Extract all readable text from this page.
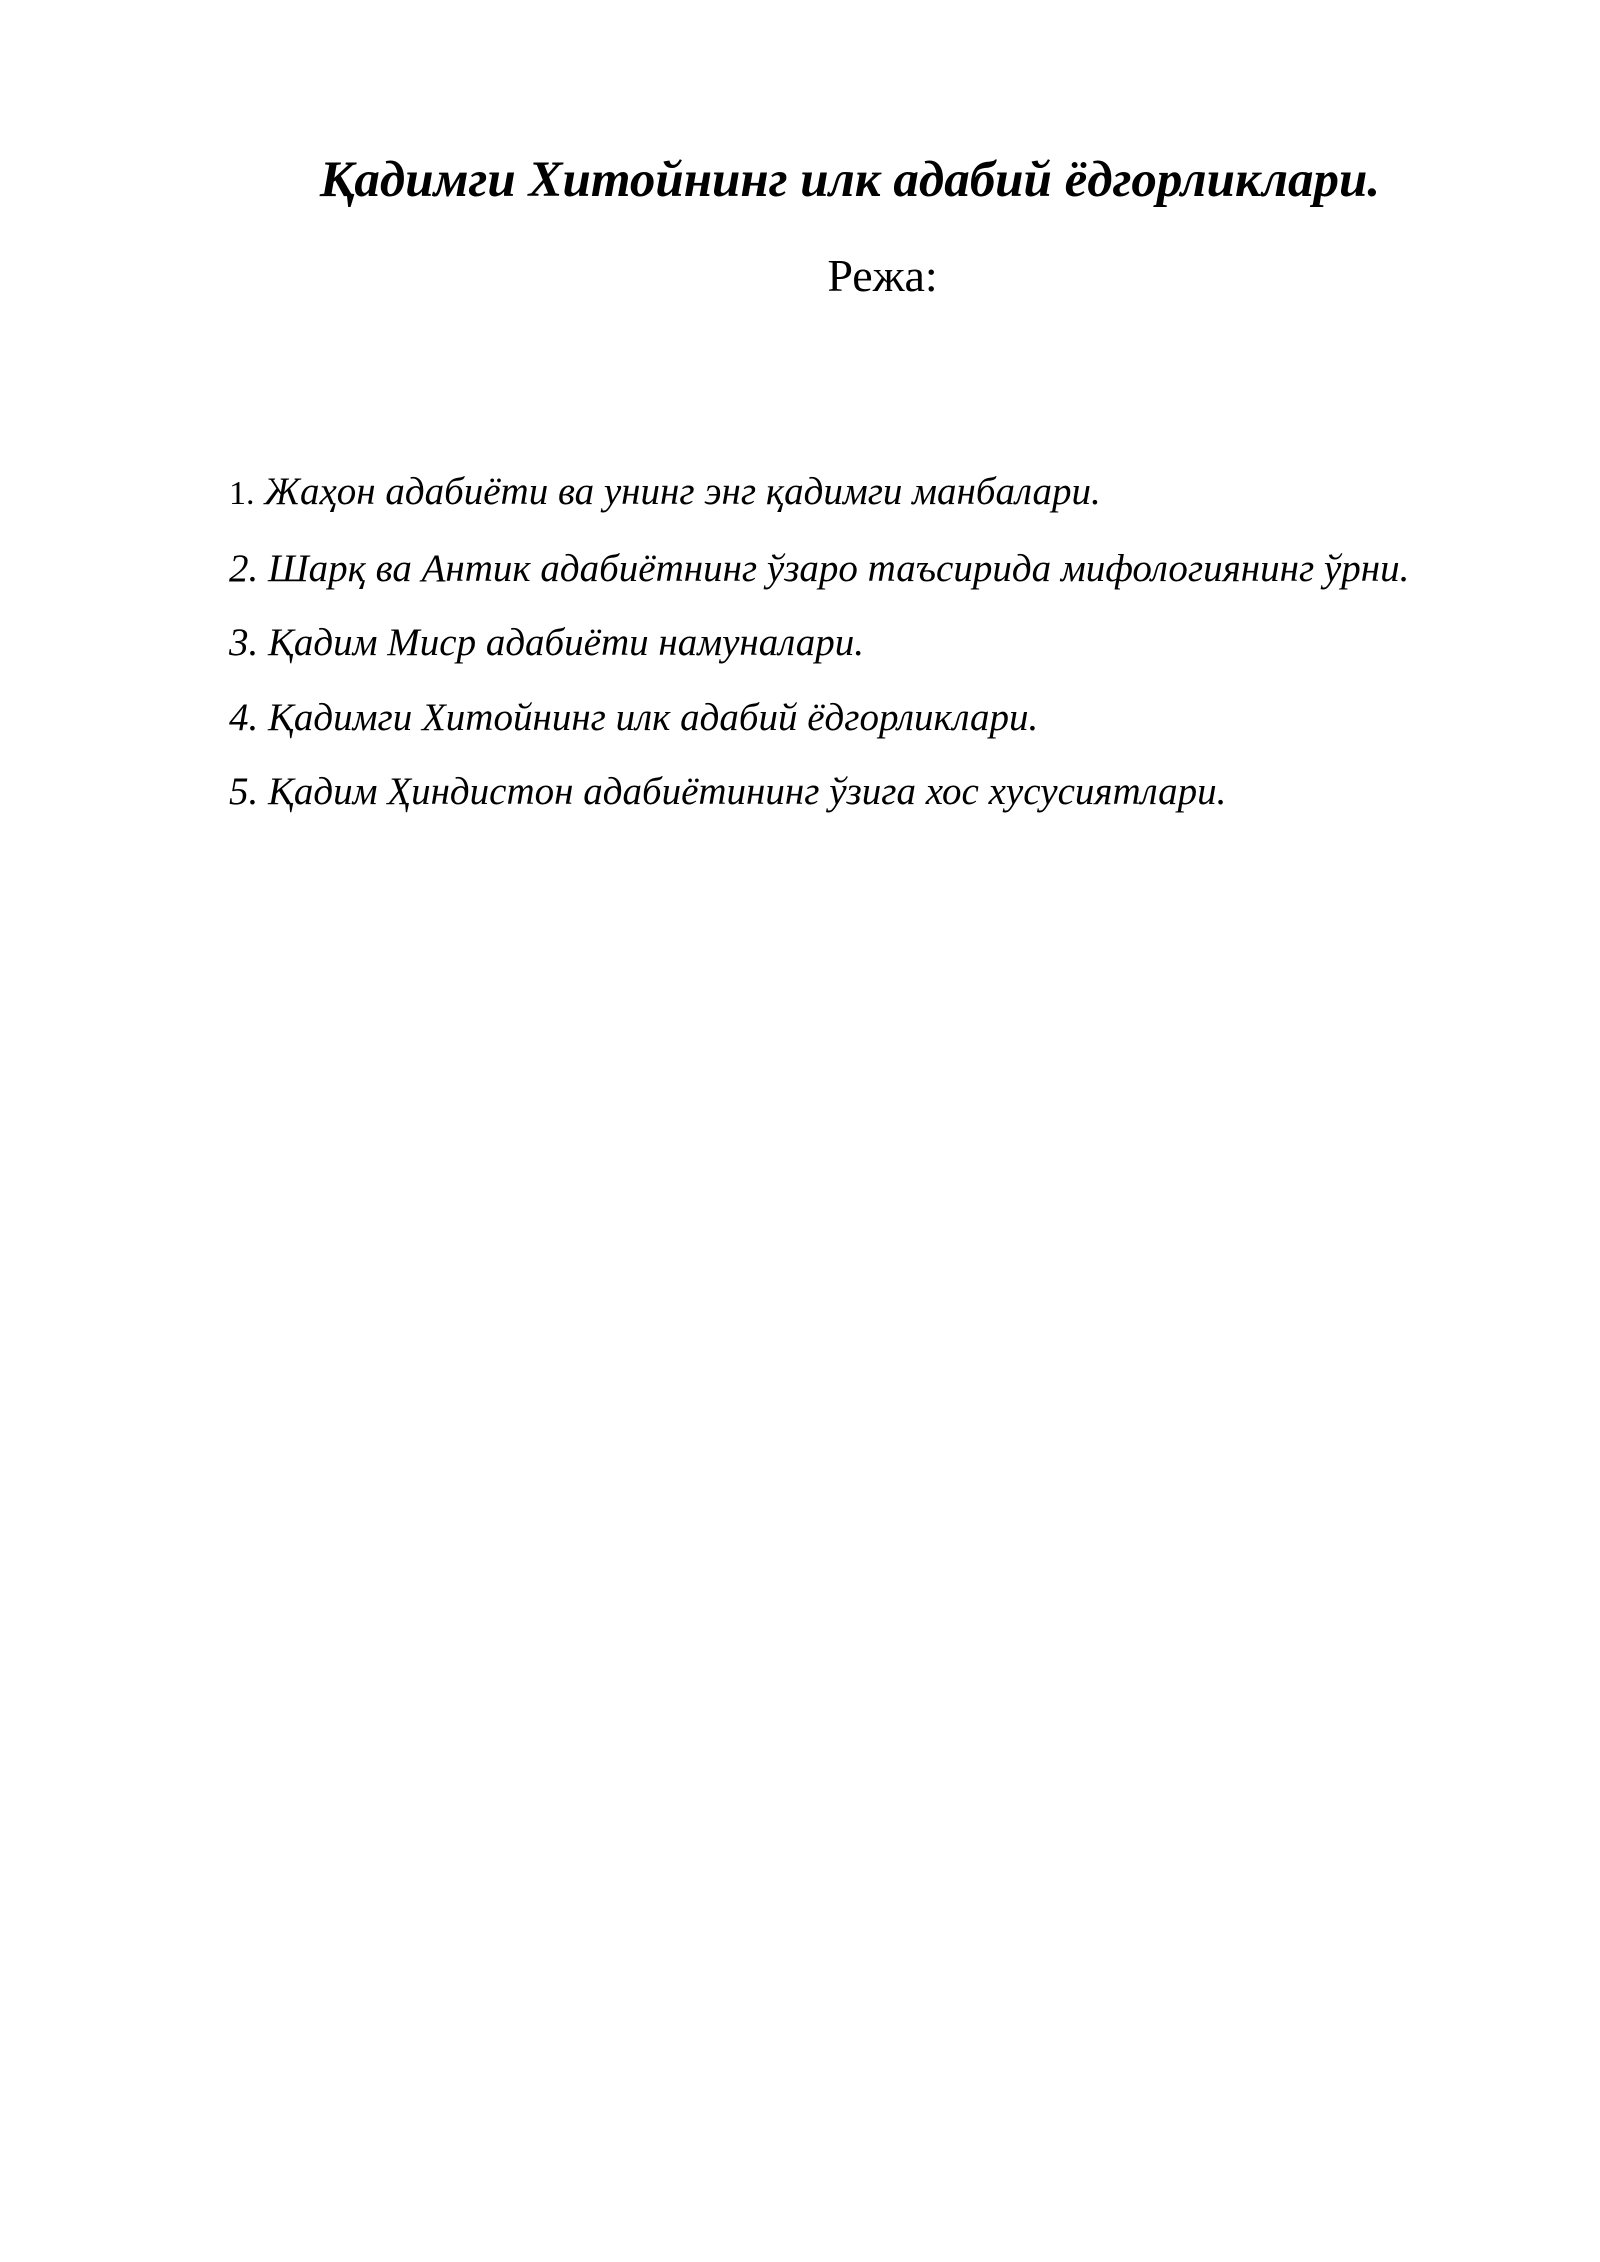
Қадимги Хитойнинг илк адабий ёдгорликлари.
Режа:
1. Жаҳон адабиёти ва унинг энг қадимги манбалари.
2. Шарқ ва Антик адабиётнинг ўзаро таъсирида мифологиянинг ўрни.
3. Қадим Миср адабиёти намуналари.
4. Қадимги Хитойнинг илк адабий ёдгорликлари.
5. Қадим Ҳиндистон адабиётининг ўзига хос хусусиятлари.
